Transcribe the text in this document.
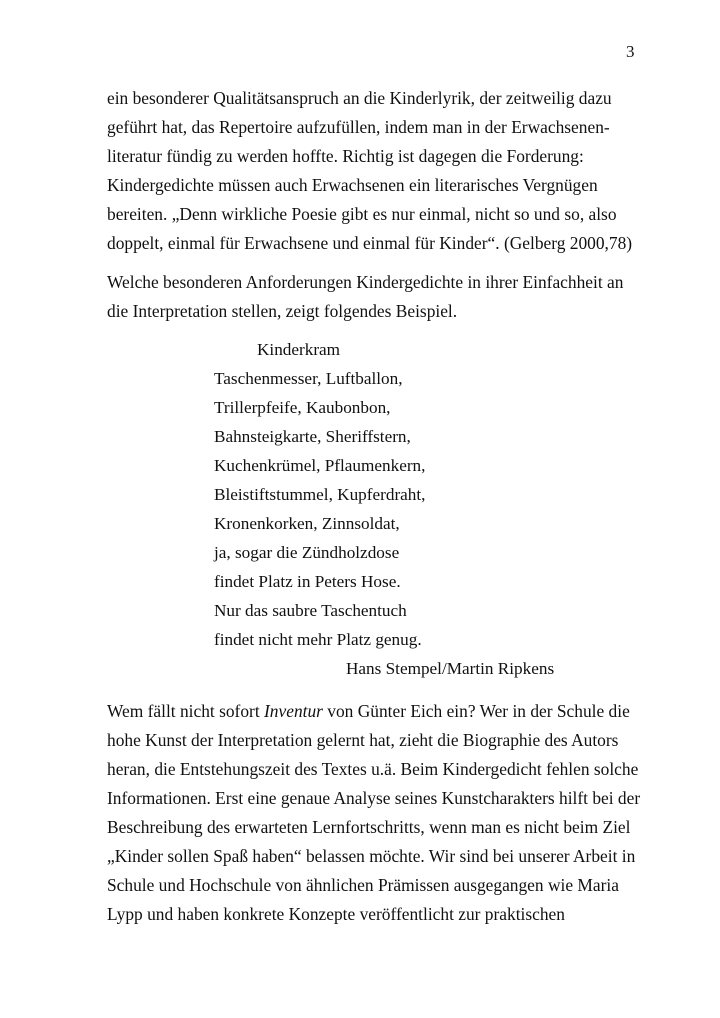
3
ein besonderer Qualitätsanspruch an die Kinderlyrik, der zeitweilig dazu
geführt hat, das Repertoire aufzufüllen, indem man in der Erwachsenen-
literatur fündig zu werden hoffte. Richtig ist dagegen die Forderung:
Kindergedichte müssen auch Erwachsenen ein literarisches Vergnügen
bereiten. „Denn wirkliche Poesie gibt es nur einmal, nicht so und so, also
doppelt, einmal für Erwachsene und einmal für Kinder“. (Gelberg 2000,78)
Welche besonderen Anforderungen Kindergedichte in ihrer Einfachheit an
die Interpretation stellen, zeigt folgendes Beispiel.
Wem fällt nicht sofort Inventur von Günter Eich ein? Wer in der Schule die
hohe Kunst der Interpretation gelernt hat, zieht die Biographie des Autors
heran, die Entstehungszeit des Textes u.ä. Beim Kindergedicht fehlen solche
Informationen. Erst eine genaue Analyse seines Kunstcharakters hilft bei der
Beschreibung des erwarteten Lernfortschritts, wenn man es nicht beim Ziel
„Kinder sollen Spaß haben“ belassen möchte. Wir sind bei unserer Arbeit in
Schule und Hochschule von ähnlichen Prämissen ausgegangen wie Maria
Lypp und haben konkrete Konzepte veröffentlicht zur praktischen
Kinderkram
Taschenmesser, Luftballon,
Trillerpfeife, Kaubonbon,
Bahnsteigkarte, Sheriffstern,
Kuchenkrümel, Pflaumenkern,
Bleistiftstummel, Kupferdraht,
Kronenkorken, Zinnsoldat,
ja, sogar die Zündholzdose
findet Platz in Peters Hose.
Nur das saubre Taschentuch
findet nicht mehr Platz genug.
Hans Stempel/Martin Ripkens
